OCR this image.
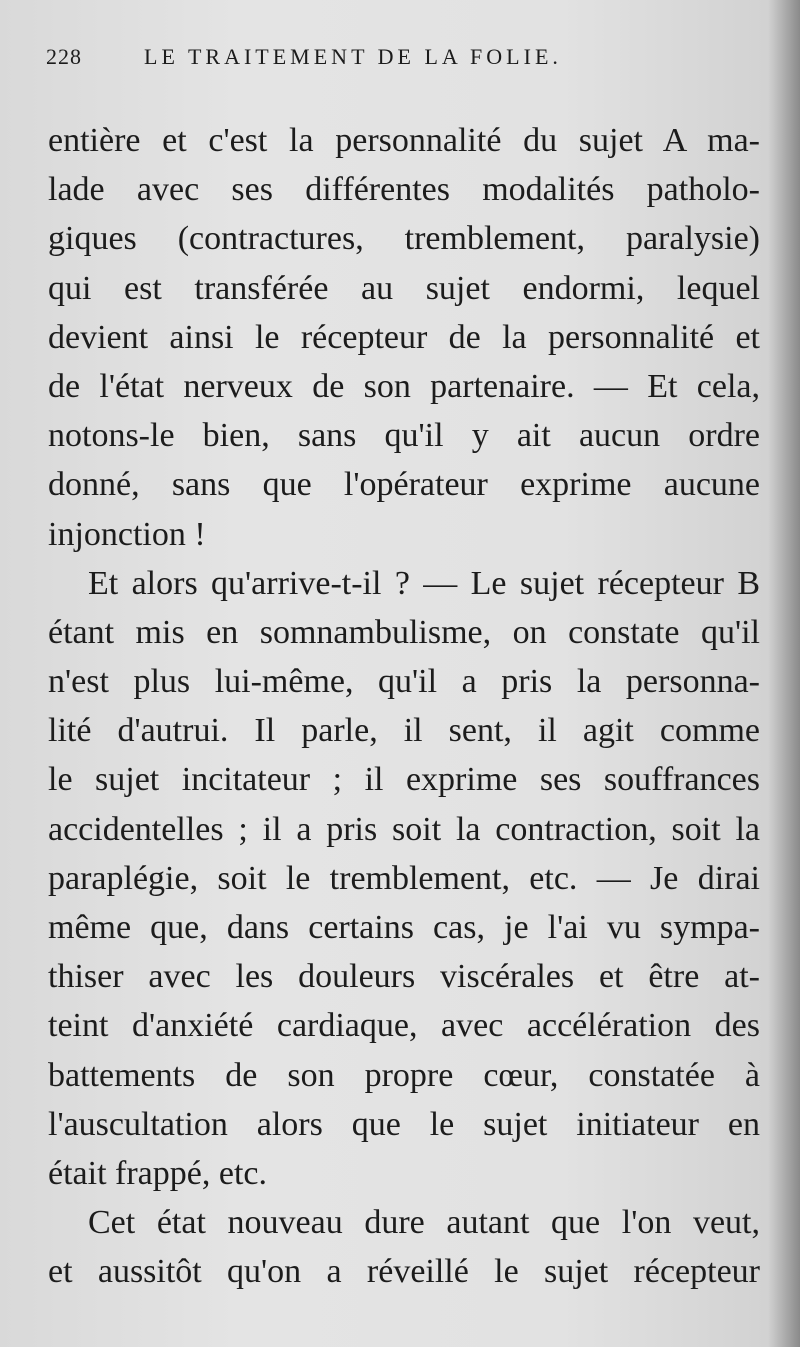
228	LE TRAITEMENT DE LA FOLIE.
entière et c'est la personnalité du sujet A ma-
lade avec ses différentes modalités patholo-
giques (contractures, tremblement, paralysie)
qui est transférée au sujet endormi, lequel
devient ainsi le récepteur de la personnalité et
de l'état nerveux de son partenaire. — Et cela,
notons-le bien, sans qu'il y ait aucun ordre
donné, sans que l'opérateur exprime aucune
injonction !
Et alors qu'arrive-t-il ? — Le sujet récepteur B
étant mis en somnambulisme, on constate qu'il
n'est plus lui-même, qu'il a pris la personna-
lité d'autrui. Il parle, il sent, il agit comme
le sujet incitateur ; il exprime ses souffrances
accidentelles ; il a pris soit la contraction, soit la
paraplégie, soit le tremblement, etc. — Je dirai
même que, dans certains cas, je l'ai vu sympa-
thiser avec les douleurs viscérales et être at-
teint d'anxiété cardiaque, avec accélération des
battements de son propre cœur, constatée à
l'auscultation alors que le sujet initiateur en
était frappé, etc.
Cet état nouveau dure autant que l'on veut,
et aussitôt qu'on a réveillé le sujet récepteur
